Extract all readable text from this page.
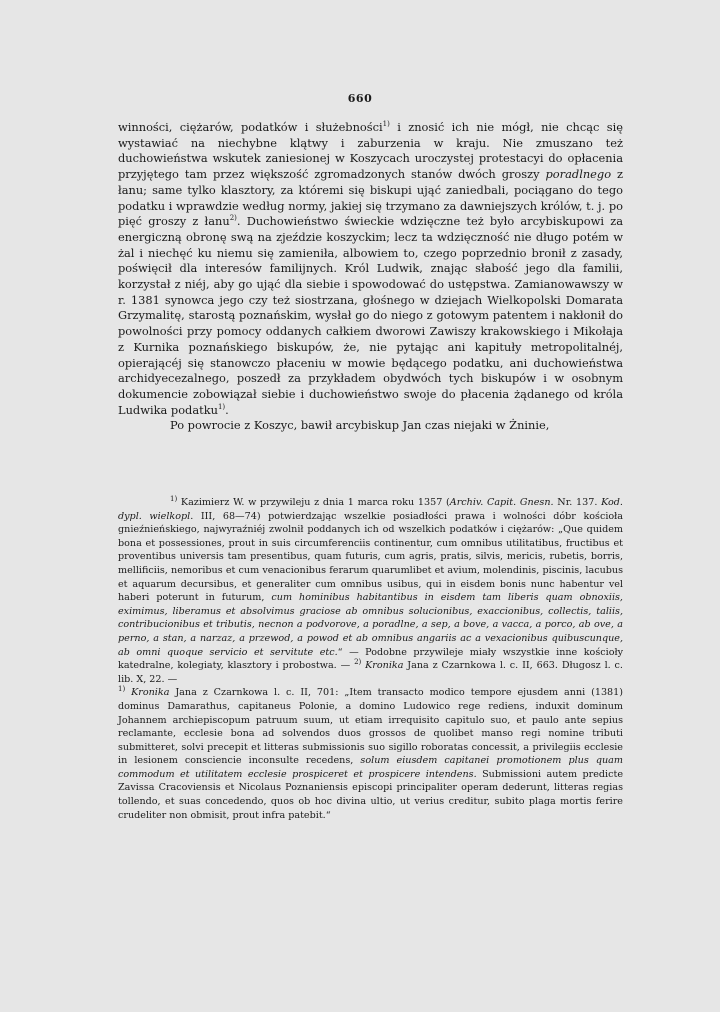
660

winności, ciężarów, podatków i służebności$^{1)}$ i znosić ich nie mógł, nie chcąc się wystawiać na niechybne klątwy i zaburzenia w kraju. Nie zmuszano też duchowieństwa wskutek zaniesionej w Koszycach uroczystej protestacyi do opłacenia przyjętego tam przez większość zgromadzonych stanów dwóch groszy poradlnego z łanu; same tylko klasztory, za któremi się biskupi ująć zaniedbali, pociągano do tego podatku i wprawdzie według normy, jakiej się trzymano za dawniejszych królów, t. j. po pięć groszy z łanu$^{2)}$. Duchowieństwo świeckie wdzięczne też było arcybiskupowi za energiczną obronę swą na zjeździe koszyckim; lecz ta wdzięczność nie długo potém w żal i niechęć ku niemu się zamieniła, albowiem to, czego poprzednio bronił z zasady, poświęcił dla interesów familijnych. Król Ludwik, znając słabość jego dla familii, korzystał z niéj, aby go ująć dla siebie i spowodować do ustępstwa. Zamianowawszy w r. 1381 synowca jego czy też siostrzana, głośnego w dziejach Wielkopolski Domarata Grzymalitę, starostą poznańskim, wysłał go do niego z gotowym patentem i nakłonił do powolności przy pomocy oddanych całkiem dworowi Zawiszy krakowskiego i Mikołaja z Kurnika poznańskiego biskupów, że, nie pytając ani kapituły metropolitalnéj, opierającéj się stanowczo płaceniu w mowie będącego podatku, ani duchowieństwa archidyecezalnego, poszedł za przykładem obydwóch tych biskupów i w osobnym dokumencie zobowiązał siebie i duchowieństwo swoje do płacenia żądanego od króla Ludwika podatku$^{1)}$.

Po powrocie z Koszyc, bawił arcybiskup Jan czas niejaki w Żninie,

$^{1)}$ Kazimierz W. w przywileju z dnia 1 marca roku 1357 (Archiv. Capit. Gnesn. Nr. 137. Kod. dypl. wielkopl. III, 68—74) potwierdzając wszelkie posiadłości prawa i wolności dóbr kościoła gnieźnieńskiego, najwyraźniéj zwolnił poddanych ich od wszelkich podatków i ciężarów: „Que quidem bona et possessiones, prout in suis circumferenciis continentur, cum omnibus utilitatibus, fructibus et proventibus universis tam presentibus, quam futuris, cum agris, pratis, silvis, mericis, rubetis, borris, mellificiis, nemoribus et cum venacionibus ferarum quarumlibet et avium, molendinis, piscinis, lacubus et aquarum decursibus, et generaliter cum omnibus usibus, qui in eisdem bonis nunc habentur vel haberi poterunt in futurum, cum hominibus habitantibus in eisdem tam liberis quam obnoxiis, eximimus, liberamus et absolvimus graciose ab omnibus solucionibus, exaccionibus, collectis, taliis, contribucionibus et tributis, necnon a podvorove, a poradlne, a sep, a bove, a vacca, a porco, ab ove, a perno, a stan, a narzaz, a przewod, a powod et ab omnibus angariis ac a vexacionibus quibuscunque, ab omni quoque servicio et servitute etc.“ — Podobne przywileje miały wszystkie inne kościoły katedralne, kolegiaty, klasztory i probostwa. — $^{2)}$ Kronika Jana z Czarnkowa l. c. II, 663. Długosz l. c. lib. X, 22. —
$^{1)}$ Kronika Jana z Czarnkowa l. c. II, 701: „Item transacto modico tempore ejusdem anni (1381) dominus Damarathus, capitaneus Polonie, a domino Ludowico rege rediens, induxit dominum Johannem archiepiscopum patruum suum, ut etiam irrequisito capitulo suo, et paulo ante sepius reclamante, ecclesie bona ad solvendos duos grossos de quolibet manso regi nomine tributi submitteret, solvi precepit et litteras submissionis suo sigillo roboratas concessit, a privilegiis ecclesie in lesionem consciencie inconsulte recedens, solum eiusdem capitanei promotionem plus quam commodum et utilitatem ecclesie prospiceret et prospicere intendens. Submissioni autem predicte Zavissa Cracoviensis et Nicolaus Poznaniensis episcopi principaliter operam dederunt, litteras regias tollendo, et suas concedendo, quos ob hoc divina ultio, ut verius creditur, subito plaga mortis ferire crudeliter non obmisit, prout infra patebit.“
